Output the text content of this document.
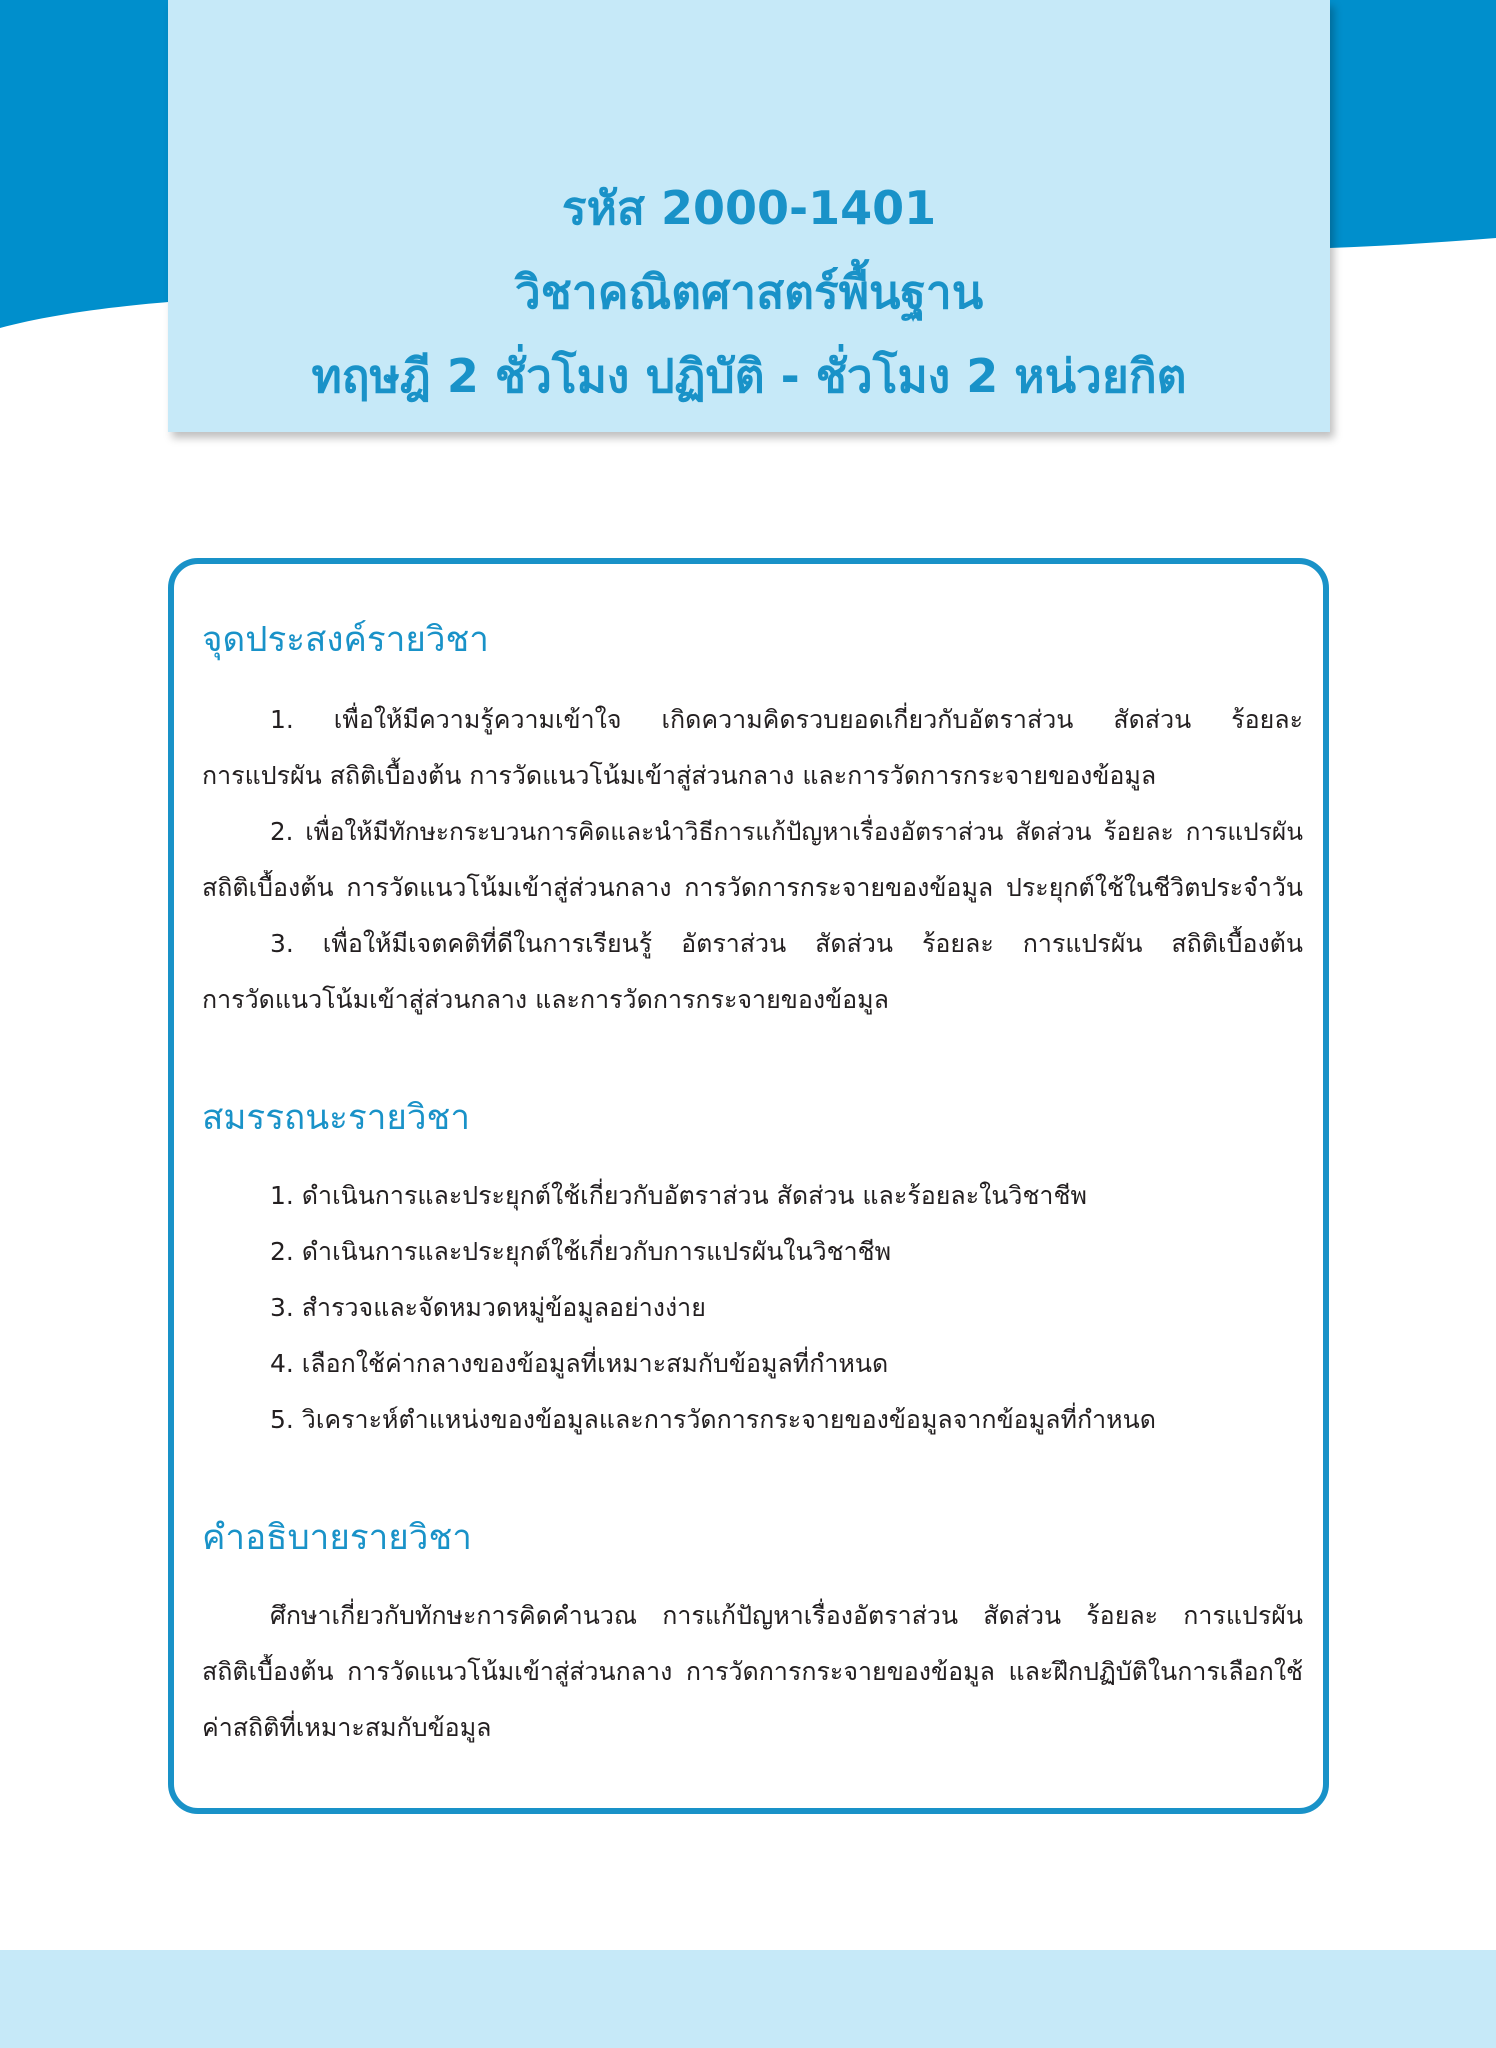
รหัส 2000-1401
วิชาคณิตศาสตร์พื้นฐาน
ทฤษฎี 2 ชั่วโมง ปฏิบัติ - ชั่วโมง 2 หน่วยกิต
จุดประสงค์รายวิชา
1. เพื่อให้มีความรู้ความเข้าใจ เกิดความคิดรวบยอดเกี่ยวกับอัตราส่วน สัดส่วน ร้อยละ
การแปรผัน สถิติเบื้องต้น การวัดแนวโน้มเข้าสู่ส่วนกลาง และการวัดการกระจายของข้อมูล
2. เพื่อให้มีทักษะกระบวนการคิดและนำวิธีการแก้ปัญหาเรื่องอัตราส่วน สัดส่วน ร้อยละ การแปรผัน
สถิติเบื้องต้น การวัดแนวโน้มเข้าสู่ส่วนกลาง การวัดการกระจายของข้อมูล ประยุกต์ใช้ในชีวิตประจำวัน
3. เพื่อให้มีเจตคติที่ดีในการเรียนรู้ อัตราส่วน สัดส่วน ร้อยละ การแปรผัน สถิติเบื้องต้น
การวัดแนวโน้มเข้าสู่ส่วนกลาง และการวัดการกระจายของข้อมูล
สมรรถนะรายวิชา
1. ดำเนินการและประยุกต์ใช้เกี่ยวกับอัตราส่วน สัดส่วน และร้อยละในวิชาชีพ
2. ดำเนินการและประยุกต์ใช้เกี่ยวกับการแปรผันในวิชาชีพ
3. สำรวจและจัดหมวดหมู่ข้อมูลอย่างง่าย
4. เลือกใช้ค่ากลางของข้อมูลที่เหมาะสมกับข้อมูลที่กำหนด
5. วิเคราะห์ตำแหน่งของข้อมูลและการวัดการกระจายของข้อมูลจากข้อมูลที่กำหนด
คำอธิบายรายวิชา
ศึกษาเกี่ยวกับทักษะการคิดคำนวณ การแก้ปัญหาเรื่องอัตราส่วน สัดส่วน ร้อยละ การแปรผัน
สถิติเบื้องต้น การวัดแนวโน้มเข้าสู่ส่วนกลาง การวัดการกระจายของข้อมูล และฝึกปฏิบัติในการเลือกใช้
ค่าสถิติที่เหมาะสมกับข้อมูล
